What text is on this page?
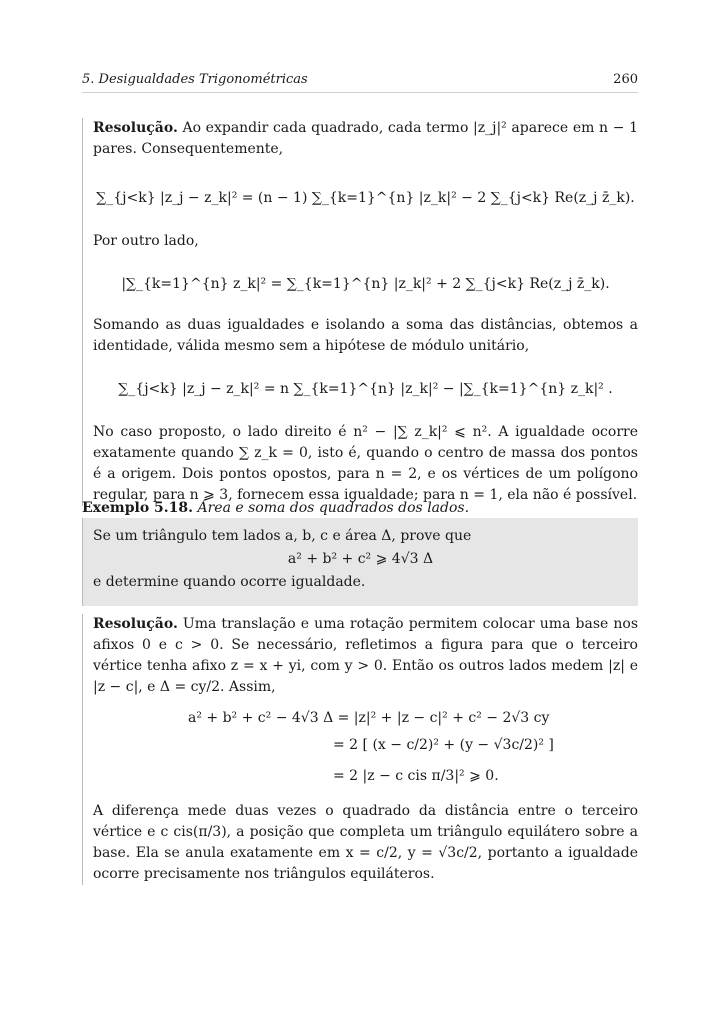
5. Desigualdades Trigonométricas	260

Resolução. Ao expandir cada quadrado, cada termo |z_j|² aparece em n − 1 pares. Consequentemente,

∑_{j<k} |z_j − z_k|² = (n − 1) ∑_{k=1}^{n} |z_k|² − 2 ∑_{j<k} Re(z_j z̄_k).

Por outro lado,

|∑_{k=1}^{n} z_k|² = ∑_{k=1}^{n} |z_k|² + 2 ∑_{j<k} Re(z_j z̄_k).

Somando as duas igualdades e isolando a soma das distâncias, obtemos a identidade, válida mesmo sem a hipótese de módulo unitário,

∑_{j<k} |z_j − z_k|² = n ∑_{k=1}^{n} |z_k|² − |∑_{k=1}^{n} z_k|² .

No caso proposto, o lado direito é n² − |∑ z_k|² ⩽ n². A igualdade ocorre exatamente quando ∑ z_k = 0, isto é, quando o centro de massa dos pontos é a origem. Dois pontos opostos, para n = 2, e os vértices de um polígono regular, para n ⩾ 3, fornecem essa igualdade; para n = 1, ela não é possível.

Exemplo 5.18. Área e soma dos quadrados dos lados.
Se um triângulo tem lados a, b, c e área Δ, prove que
a² + b² + c² ⩾ 4√3 Δ
e determine quando ocorre igualdade.

Resolução. Uma translação e uma rotação permitem colocar uma base nos afixos 0 e c > 0. Se necessário, refletimos a figura para que o terceiro vértice tenha afixo z = x + yi, com y > 0. Então os outros lados medem |z| e |z − c|, e Δ = cy/2. Assim,

a² + b² + c² − 4√3 Δ = |z|² + |z − c|² + c² − 2√3 cy
= 2 [ (x − c/2)² + (y − √3c/2)² ]
= 2 |z − c cis π/3|² ⩾ 0.

A diferença mede duas vezes o quadrado da distância entre o terceiro vértice e c cis(π/3), a posição que completa um triângulo equilátero sobre a base. Ela se anula exatamente em x = c/2, y = √3c/2, portanto a igualdade ocorre precisamente nos triângulos equiláteros.
